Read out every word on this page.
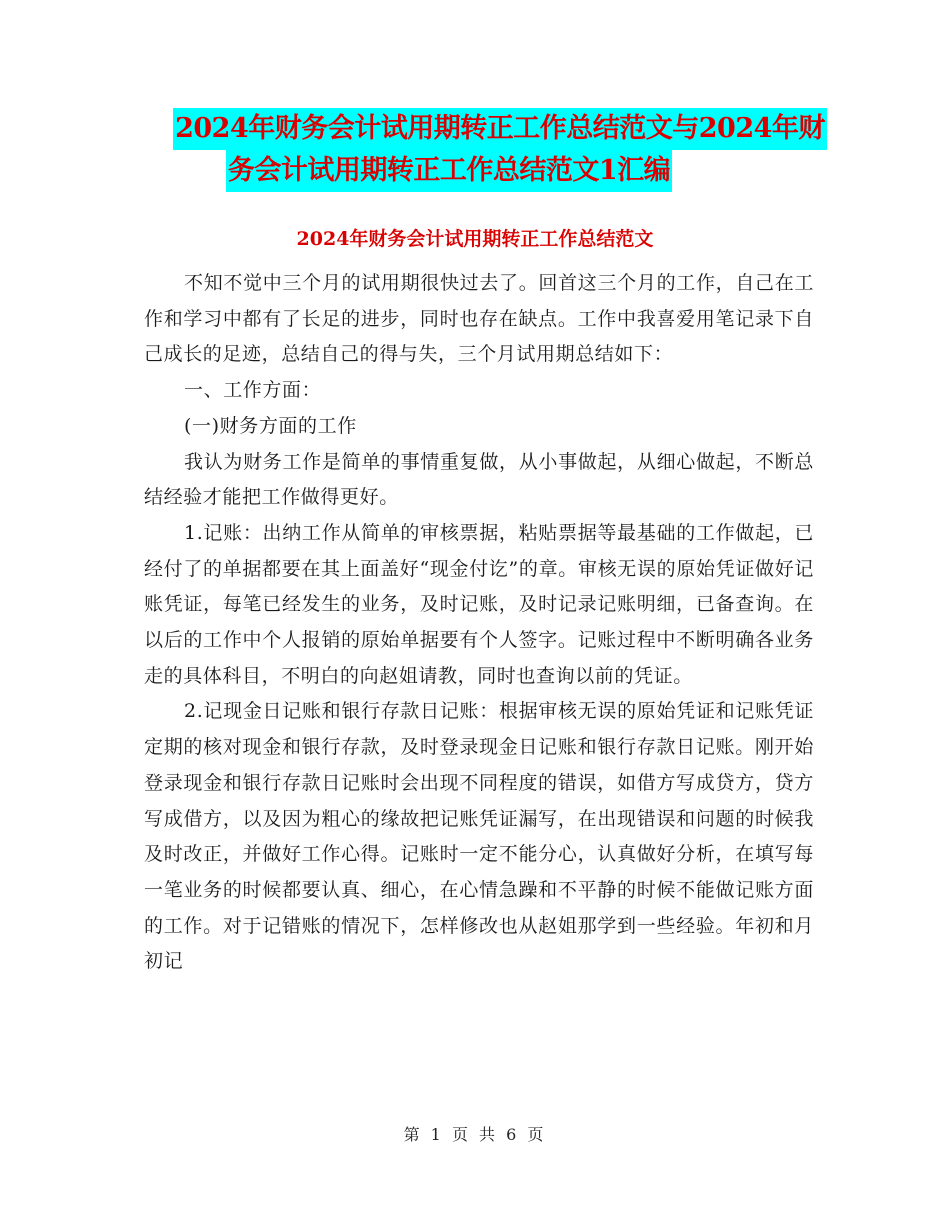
2024年财务会计试用期转正工作总结范文与2024年财
务会计试用期转正工作总结范文1汇编
2024年财务会计试用期转正工作总结范文

不知不觉中三个月的试用期很快过去了。回首这三个月的工作，自己在工作和学习中都有了长足的进步，同时也存在缺点。工作中我喜爱用笔记录下自己成长的足迹，总结自己的得与失，三个月试用期总结如下：

一、工作方面：

(一)财务方面的工作

我认为财务工作是简单的事情重复做，从小事做起，从细心做起，不断总结经验才能把工作做得更好。

1.记账：出纳工作从简单的审核票据，粘贴票据等最基础的工作做起，已经付了的单据都要在其上面盖好“现金付讫”的章。审核无误的原始凭证做好记账凭证，每笔已经发生的业务，及时记账，及时记录记账明细，已备查询。在以后的工作中个人报销的原始单据要有个人签字。记账过程中不断明确各业务走的具体科目，不明白的向赵姐请教，同时也查询以前的凭证。

2.记现金日记账和银行存款日记账：根据审核无误的原始凭证和记账凭证定期的核对现金和银行存款，及时登录现金日记账和银行存款日记账。刚开始登录现金和银行存款日记账时会出现不同程度的错误，如借方写成贷方，贷方写成借方，以及因为粗心的缘故把记账凭证漏写，在出现错误和问题的时候我及时改正，并做好工作心得。记账时一定不能分心，认真做好分析，在填写每一笔业务的时候都要认真、细心，在心情急躁和不平静的时候不能做记账方面的工作。对于记错账的情况下，怎样修改也从赵姐那学到一些经验。年初和月初记

第 1 页 共 6 页
